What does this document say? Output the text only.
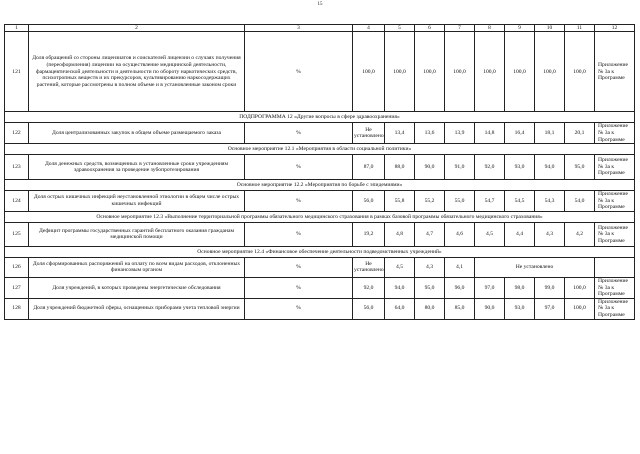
15
1	2	3	4	5	6	7	8	9	10	11	12
121	Доля обращений со стороны лицензиатов и соискателей лицензии о случаях получения (переоформления) лицензии на осуществление медицинской деятельности, фармацевтической деятельности и деятельности по обороту наркотических средств, психотропных веществ и их прекурсоров, культивированию наркосодержащих растений, которые рассмотрены в полном объеме и в установленные законом сроки	%	100,0	100,0	100,0	100,0	100,0	100,0	100,0	100,0	Приложение № 3а к Программе
ПОДПРОГРАММА 12 «Другие вопросы в сфере здравоохранения»											
122	Доля централизованных закупок в общем объеме размещаемого заказа	%	Не установлено	13,4	13,6	13,9	14,8	16,4	18,1	20,1	Приложение № 3а к Программе
Основное мероприятие 12.1 «Мероприятия в области социальной политики»											
123	Доля денежных средств, возмещенных в установленные сроки учреждениям здравоохранения за проведение зубопротезирования	%	87,0	88,0	90,0	91,0	92,0	93,0	94,0	95,0	Приложение № 3а к Программе
Основное мероприятие 12.2 «Мероприятия по борьбе с эпидемиями»											
124	Доля острых кишечных инфекций неустановленной этиологии в общем числе острых кишечных инфекций	%	56,0	55,8	55,2	55,0	54,7	54,5	54,3	54,0	Приложение № 3а к Программе
Основное мероприятие 12.3 «Выполнение территориальной программы обязательного медицинского страхования в рамках базовой программы обязательного медицинского страхования»											
125	Дефицит программы государственных гарантий бесплатного оказания гражданам медицинской помощи	%	19,2	4,8	4,7	4,6	4,5	4,4	4,3	4,2	Приложение № 3а к Программе
Основное мероприятие 12.4 «Финансовое обеспечение деятельности подведомственных учреждений»											
126	Доля сформированных распоряжений на оплату по всем видам расходов, отклоненных финансовым органом	%	Не установлено	4,5	4,3	4,1	Не установлено				
127	Доля учреждений, в которых проведены энергетические обследования	%	92,0	94,0	95,0	96,0	97,0	98,0	99,0	100,0	Приложение № 3а к Программе
128	Доля учреждений бюджетной сферы, оснащенных приборами учета тепловой энергии	%	56,0	64,0	80,0	85,0	90,0	93,0	97,0	100,0	Приложение № 3а к Программе
